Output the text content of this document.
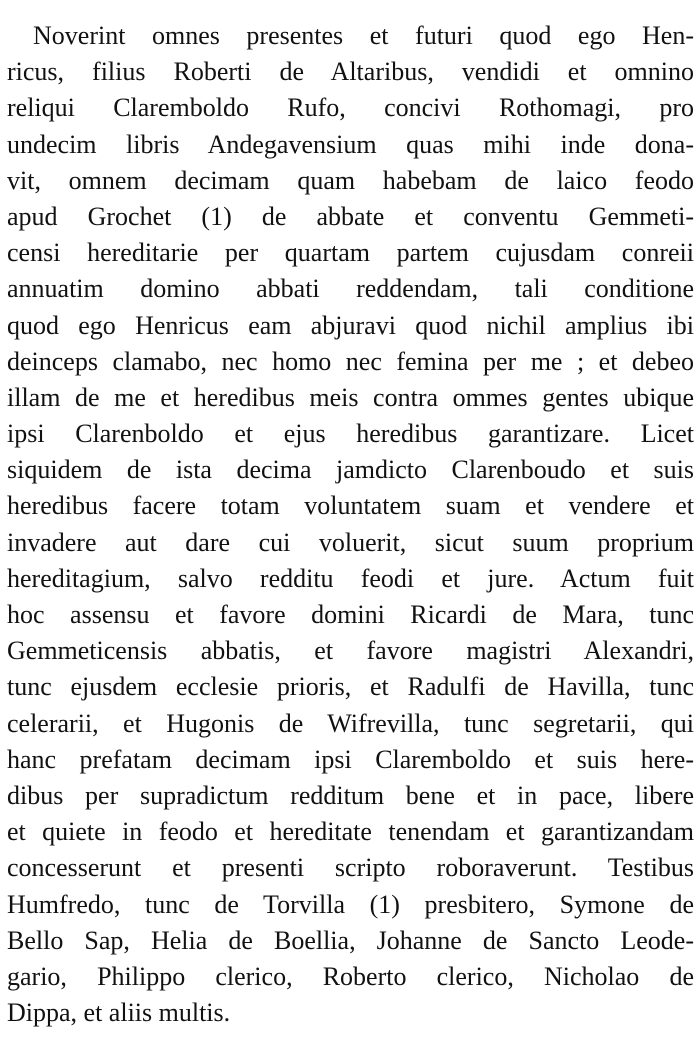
Noverint omnes presentes et futuri quod ego Hen-
ricus, filius Roberti de Altaribus, vendidi et omnino
reliqui Claremboldo Rufo, concivi Rothomagi, pro
undecim libris Andegavensium quas mihi inde dona-
vit, omnem decimam quam habebam de laico feodo
apud Grochet (1) de abbate et conventu Gemmeti-
censi hereditarie per quartam partem cujusdam conreii
annuatim domino abbati reddendam, tali conditione
quod ego Henricus eam abjuravi quod nichil amplius ibi
deinceps clamabo, nec homo nec femina per me ; et debeo
illam de me et heredibus meis contra ommes gentes ubique
ipsi Clarenboldo et ejus heredibus garantizare. Licet
siquidem de ista decima jamdicto Clarenboudo et suis
heredibus facere totam voluntatem suam et vendere et
invadere aut dare cui voluerit, sicut suum proprium
hereditagium, salvo redditu feodi et jure. Actum fuit
hoc assensu et favore domini Ricardi de Mara, tunc
Gemmeticensis abbatis, et favore magistri Alexandri,
tunc ejusdem ecclesie prioris, et Radulfi de Havilla, tunc
celerarii, et Hugonis de Wifrevilla, tunc segretarii, qui
hanc prefatam decimam ipsi Claremboldo et suis here-
dibus per supradictum redditum bene et in pace, libere
et quiete in feodo et hereditate tenendam et garantizandam
concesserunt et presenti scripto roboraverunt. Testibus
Humfredo, tunc de Torvilla (1) presbitero, Symone de
Bello Sap, Helia de Boellia, Johanne de Sancto Leode-
gario, Philippo clerico, Roberto clerico, Nicholao de
Dippa, et aliis multis.
